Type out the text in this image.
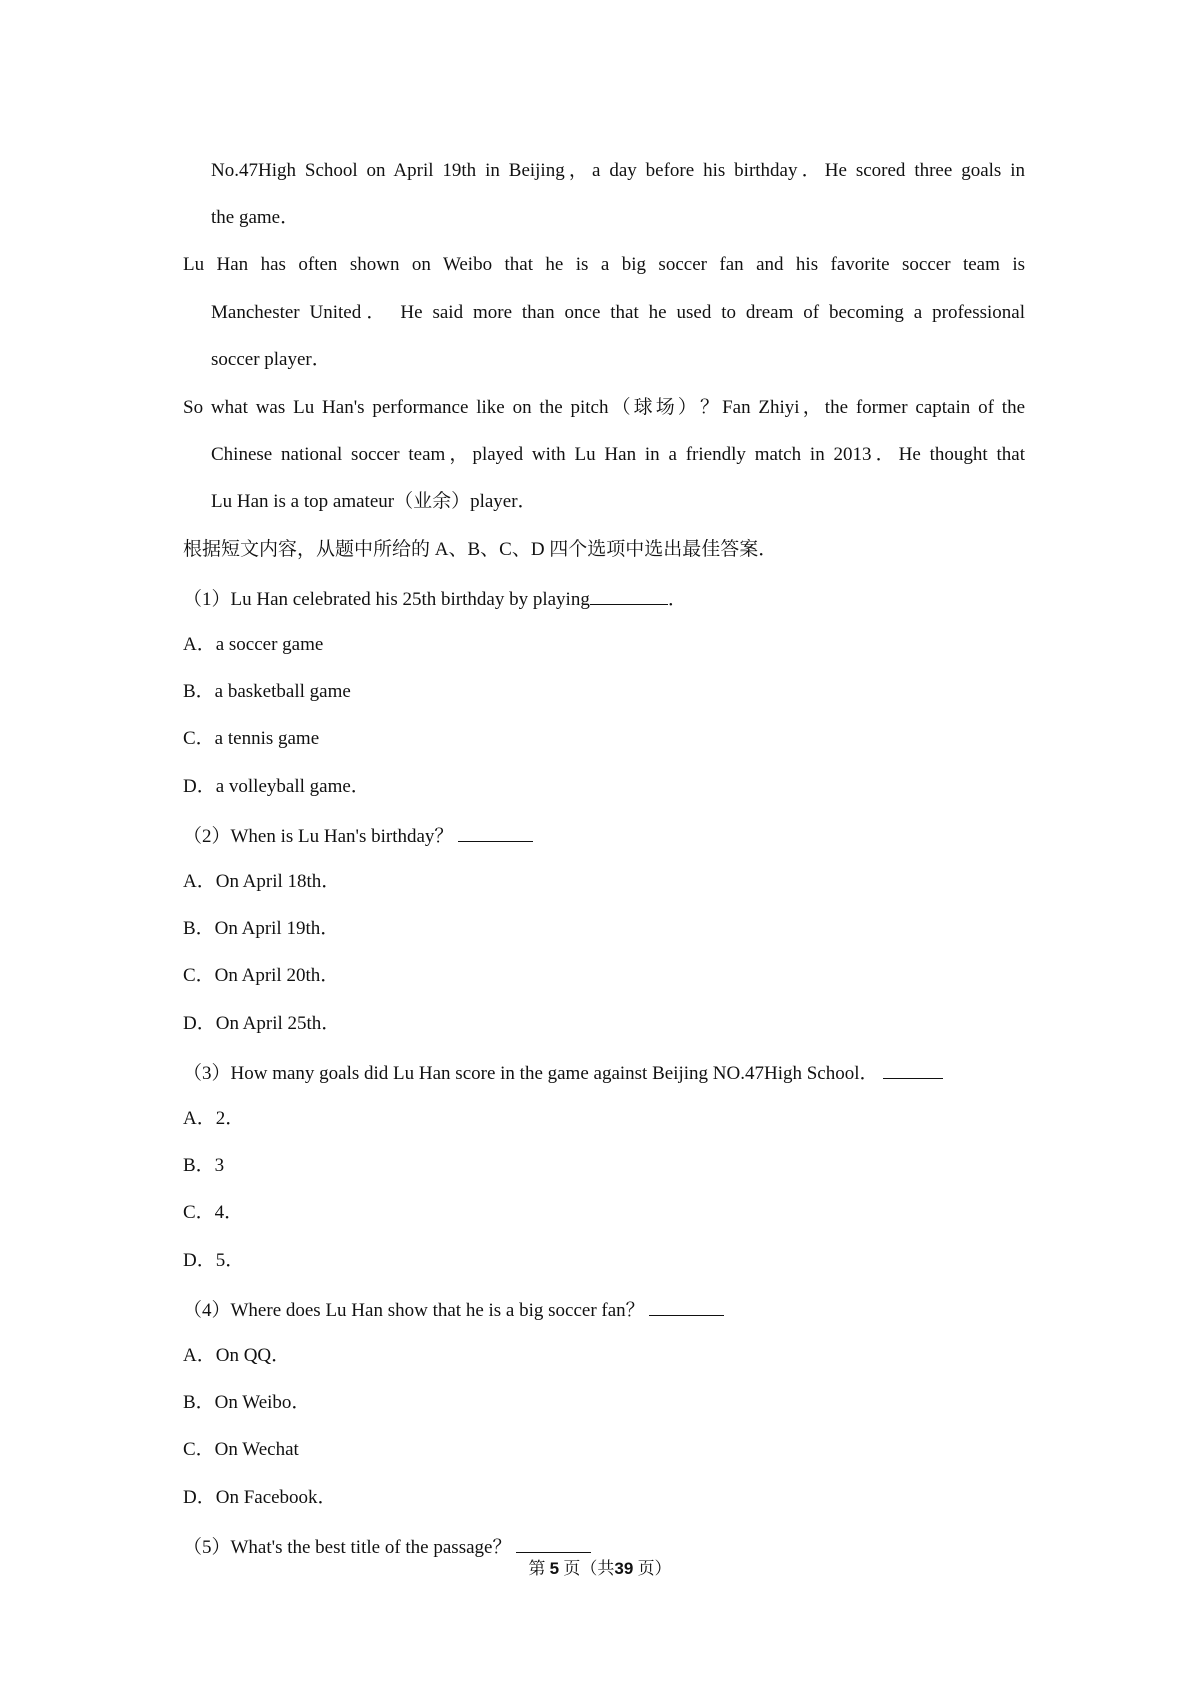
No.47High School on April 19th in Beijing，a day before his birthday．He scored three goals in
the game．
Lu Han has often shown on Weibo that he is a big soccer fan and his favorite soccer team is
Manchester United． He said more than once that he used to dream of becoming a professional
soccer player．
So what was Lu Han's performance like on the pitch（球场）？Fan Zhiyi，the former captain of the
Chinese national soccer team，played with Lu Han in a friendly match in 2013．He thought that
Lu Han is a top amateur（业余）player．
根据短文内容，从题中所给的 A、B、C、D 四个选项中选出最佳答案．
（1）Lu Han celebrated his 25th birthday by playing	．
A．a soccer game
B．a basketball game
C．a tennis game
D．a volleyball game．
（2）When is Lu Han's birthday？
A．On April 18th．
B．On April 19th．
C．On April 20th．
D．On April 25th．
（3）How many goals did Lu Han score in the game against Beijing NO.47High School．
A．2．
B．3
C．4．
D．5．
（4）Where does Lu Han show that he is a big soccer fan？
A．On QQ．
B．On Weibo．
C．On Wechat
D．On Facebook．
（5）What's the best title of the passage？
第 5 页（共39 页）
